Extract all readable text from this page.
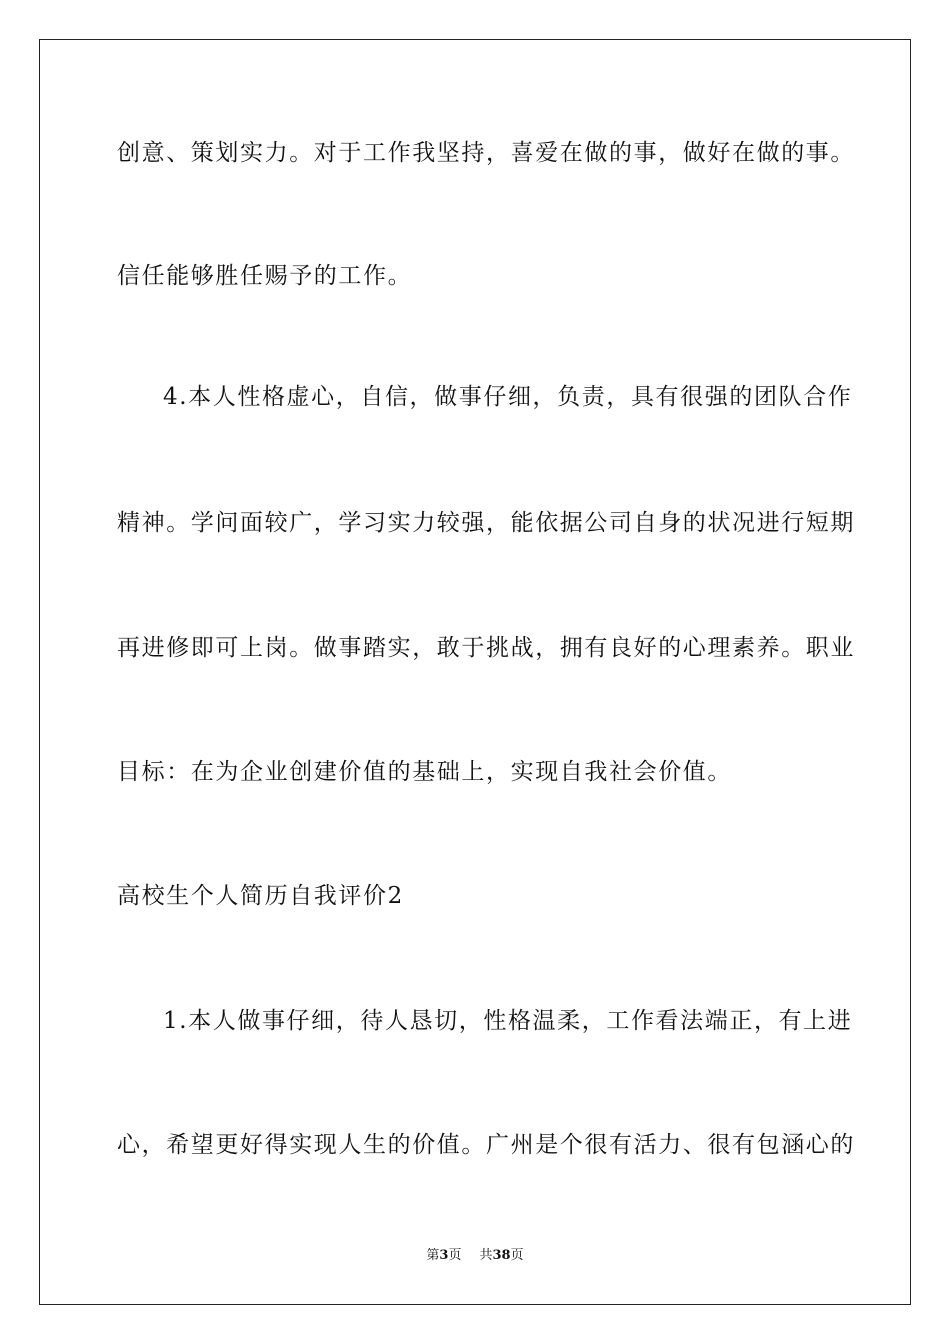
创意、策划实力。对于工作我坚持，喜爱在做的事，做好在做的事。
信任能够胜任赐予的工作。
4.本人性格虚心，自信，做事仔细，负责，具有很强的团队合作
精神。学问面较广，学习实力较强，能依据公司自身的状况进行短期
再进修即可上岗。做事踏实，敢于挑战，拥有良好的心理素养。职业
目标：在为企业创建价值的基础上，实现自我社会价值。
高校生个人简历自我评价2
1.本人做事仔细，待人恳切，性格温柔，工作看法端正，有上进
心，希望更好得实现人生的价值。广州是个很有活力、很有包涵心的
第3页 共38页
